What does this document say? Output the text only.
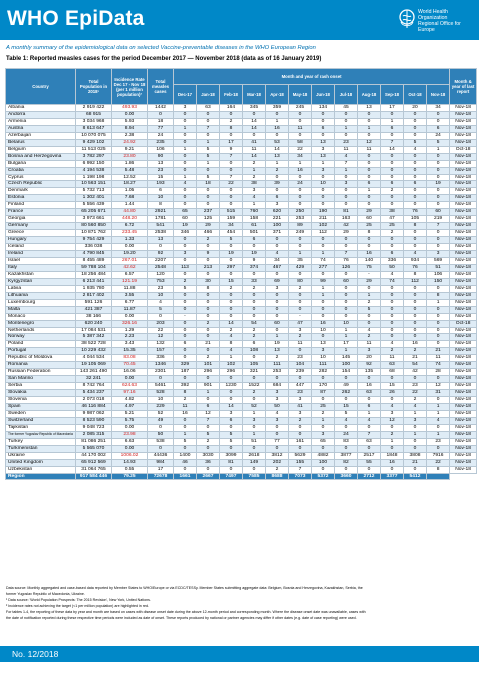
WHO EpiData	World Health Organization
Regional Office for Europe
A monthly summary of the epidemiological data on selected Vaccine-preventable diseases in the WHO European Region
Table 1: Reported measles cases for the period December 2017 — November 2018 (data as of 16 January 2019)
Country	Total Population in 2018¹	Incidence Rate Dec 17 - Nov 18 (per 1 million population)²	Total measles cases	Month and year of rash onset												Month & year of last report
				Dec-17	Jan-18	Feb-18	Mar-18	Apr-18	May-18	Jun-18	Jul-18	Aug-18	Sep-18	Oct-18	Nov-18	
Albania	2 919 422	493.93	1442	3	63	164	345	359	245	134	45	13	17	20	34	Nov-18
Andorra	68 915	0.00	0	0	0	0	0	0	0	0	0	0	0	0	0	Nov-18
Armenia	3 034 968	5.93	18	0	0	2	14	1	0	0	0	0	1	0	0	Nov-18
Austria	8 613 647	8.94	77	1	7	8	14	16	11	6	1	1	6	0	6	Nov-18
Azerbaijan	10 070 075	2.38	24	0	0	0	0	0	0	0	0	0	0	0	24	Nov-18
Belarus	9 429 102	24.92	235	0	1	17	41	53	58	13	23	12	7	5	5	Nov-18
Belgium	11 513 025	9.21	106	1	5	9	11	14	22	3	11	11	14	4	1	Oct-18
Bosnia and Herzegovina	3 782 297	23.80	90	0	5	7	14	13	34	13	4	0	0	0	0	Nov-18
Bulgaria	6 992 150	1.86	13	0	1	0	2	1	1	1	7	0	0	0	0	Nov-18
Croatia	4 194 538	5.48	23	0	0	0	1	2	16	3	1	0	0	0	0	Nov-18
Cyprus	1 198 198	12.52	15	1	5	7	2	0	0	0	0	0	0	0	0	Nov-18
Czech Republic	10 563 151	18.27	193	4	18	22	38	39	24	10	3	6	6	6	19	Nov-18
Denmark	5 732 713	1.05	6	0	0	0	3	0	0	0	0	1	2	0	0	Nov-18
Estonia	1 302 401	7.68	10	0	0	0	4	6	0	0	0	0	0	0	0	Nov-18
Finland	5 556 439	1.44	8	0	0	0	1	3	0	0	0	0	0	0	0	Nov-18
France	65 205 671	44.80	2921	65	237	515	760	620	250	190	81	29	38	76	60	Nov-18
Georgia	3 973 661	448.20	1781	60	125	159	158	221	253	211	163	60	47	105	219	Nov-18
Germany	80 560 850	6.72	541	19	29	34	61	100	89	102	42	25	25	8	7	Nov-18
Greece	10 871 762	233.45	2538	346	466	454	501	371	249	112	29	8	2	0	0	Nov-18
Hungary	9 754 429	1.33	13	0	2	5	6	0	0	0	0	0	0	0	0	Nov-18
Iceland	336 038	0.00	0	0	0	0	0	0	0	0	0	0	0	0	0	Nov-18
Ireland	4 790 845	19.20	92	3	9	19	19	4	1	1	7	16	6	4	3	Nov-18
Israel	8 455 489	267.01	2207	0	0	0	9	34	35	74	76	140	336	934	569	Nov-18
Italy	59 788 104	42.62	2548	113	213	297	374	467	429	277	126	75	50	76	51	Nov-18
Kazakhstan	18 256 484	6.57	120	0	0	0	0	0	0	0	0	-	4	8	106	Nov-18
Kyrgyzstan	6 213 441	121.19	753	2	30	15	33	69	80	99	60	29	74	112	150	Nov-18
Latvia	1 935 780	11.88	23	5	8	2	2	3	2	1	0	0	0	0	0	Nov-18
Lithuania	2 817 402	3.55	10	0	0	0	0	0	0	1	0	1	0	0	8	Nov-18
Luxembourg	591 126	6.77	4	0	0	0	0	0	0	0	0	2	0	0	1	Nov-18
Malta	421 387	11.87	5	0	0	0	0	0	0	0	0	5	0	0	0	Nov-18
Monaco	38 166	0.00	0	-	0	0	0	0	-	0	0	0	0	0	0	Nov-18
Montenegro	620 240	326.16	203	0	2	14	54	60	47	16	10	0	0	0	0	Oct-18
Netherlands	17 084 531	1.29	22	0	0	2	2	0	3	10	1	4	0	0	0	Nov-18
Norway	5 387 342	2.23	12	0	0	4	2	1	2	0	1	2	0	0	0	Nov-18
Poland	38 522 728	3.43	132	6	21	8	6	19	11	13	17	11	4	16	0	Nov-18
Portugal	10 229 432	15.35	157	0	0	4	108	13	0	3	1	3	2	2	21	Nov-18
Republic of Moldova	4 044 534	83.08	336	0	2	1	0	2	23	10	145	20	11	21	11	Nov-18
Romania	19 105 069	70.45	1346	329	101	102	105	111	104	111	100	92	63	54	74	Nov-18
Russian Federation	143 261 490	16.06	2301	187	296	296	321	253	239	282	154	135	68	42	28	Nov-18
San Marino	32 241	0.00	0	0	0	0	0	0	0	0	0	0	0	0	0	Nov-18
Serbia	8 742 764	624.63	5461	392	901	1230	1522	684	447	170	49	16	15	23	12	Nov-18
Slovakia	5 434 237	97.16	528	8	1	0	2	3	23	87	262	63	26	22	31	Nov-18
Slovenia	2 073 018	4.82	10	2	0	0	0	3	3	0	0	0	0	2	0	Nov-18
Spain	46 116 884	4.97	229	11	6	14	52	50	41	25	15	6	4	4	1	Nov-18
Sweden	9 987 062	5.21	52	16	12	3	1	4	3	2	5	1	3	1	1	Nov-18
Switzerland	8 523 590	5.75	49	0	7	6	3	3	2	1	4	4	12	3	4	Nov-18
Tajikistan	9 048 723	0.00	0	0	0	0	0	0	0	0	0	0	0	0	0	Nov-18
The former Yugoslav Republic of Macedonia	2 085 315	23.98	50	1	5	5	1	0	0	3	24	7	2	1	1	Nov-18
Turkey	81 086 251	6.63	538	5	2	5	51	77	161	65	83	63	1	0	23	Nov-18
Turkmenistan	5 565 070	0.00	0	0	0	0	0	0	0	0	0	0	0	0	0	Nov-18
Ukraine	44 170 002	1006.02	44436	1400	3030	3099	2618	3812	5629	4882	3877	2517	1848	3808	7916	Nov-18
United Kingdom	65 912 569	14.93	984	46	36	81	149	202	155	100	82	55	16	21	22	Nov-18
Uzbekistan	31 064 765	0.55	17	0	0	0	0	2	7	0	0	0	0	0	8	Nov-18
Region	917 584 446	79.25	72678	1661	2667	7497	7585	8688	7073	5372	3660	2712	3377	5412		
Data source: Monthly aggregated and case-based data reported by Member States to WHO/Europe or via ECDC/TESSy. Member States submitting aggregate data: Belgium, Bosnia and Herzegovina, Kazakhstan, Serbia, the
former Yugoslav Republic of Macedonia, Ukraine.
¹ Data source: 'World Population Prospects: The 2015 Revision', New York, United Nations.
² Incidence rates not achieving the target (<1 per million population) are highlighted in red.
For tables 1-4, the reporting of these data by year and month are based on cases with disease onset date during the above 12-month period and corresponding month. Where the disease onset date was unavailable, cases with
the date of notification reported during these respective time periods were included as date of onset. These reports produced by national or partner agencies may differ if other dates (e.g. date of case reporting) were used.
No. 12/2018
